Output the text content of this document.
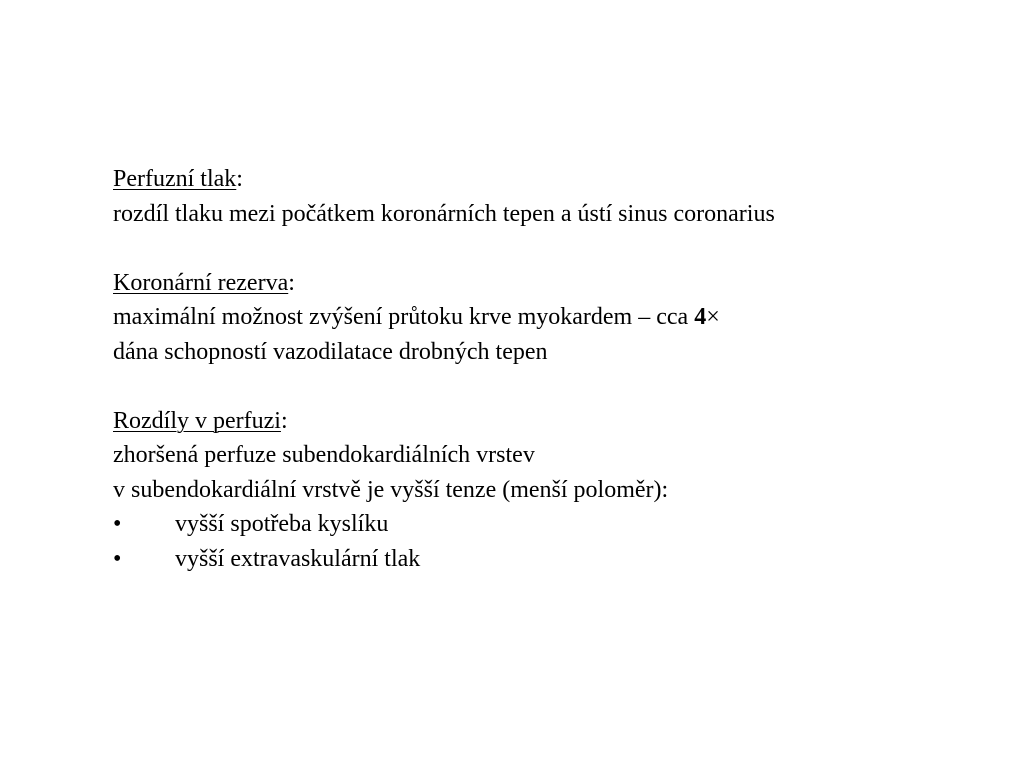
Perfuzní tlak:
rozdíl tlaku mezi počátkem koronárních tepen a ústí sinus coronarius
Koronární rezerva:
maximální možnost zvýšení průtoku krve myokardem – cca 4×
dána schopností vazodilatace drobných tepen
Rozdíly v perfuzi:
zhoršená perfuze subendokardiálních vrstev
v subendokardiální vrstvě je vyšší tenze (menší poloměr):
•	vyšší spotřeba kyslíku
•	vyšší extravaskulární tlak
